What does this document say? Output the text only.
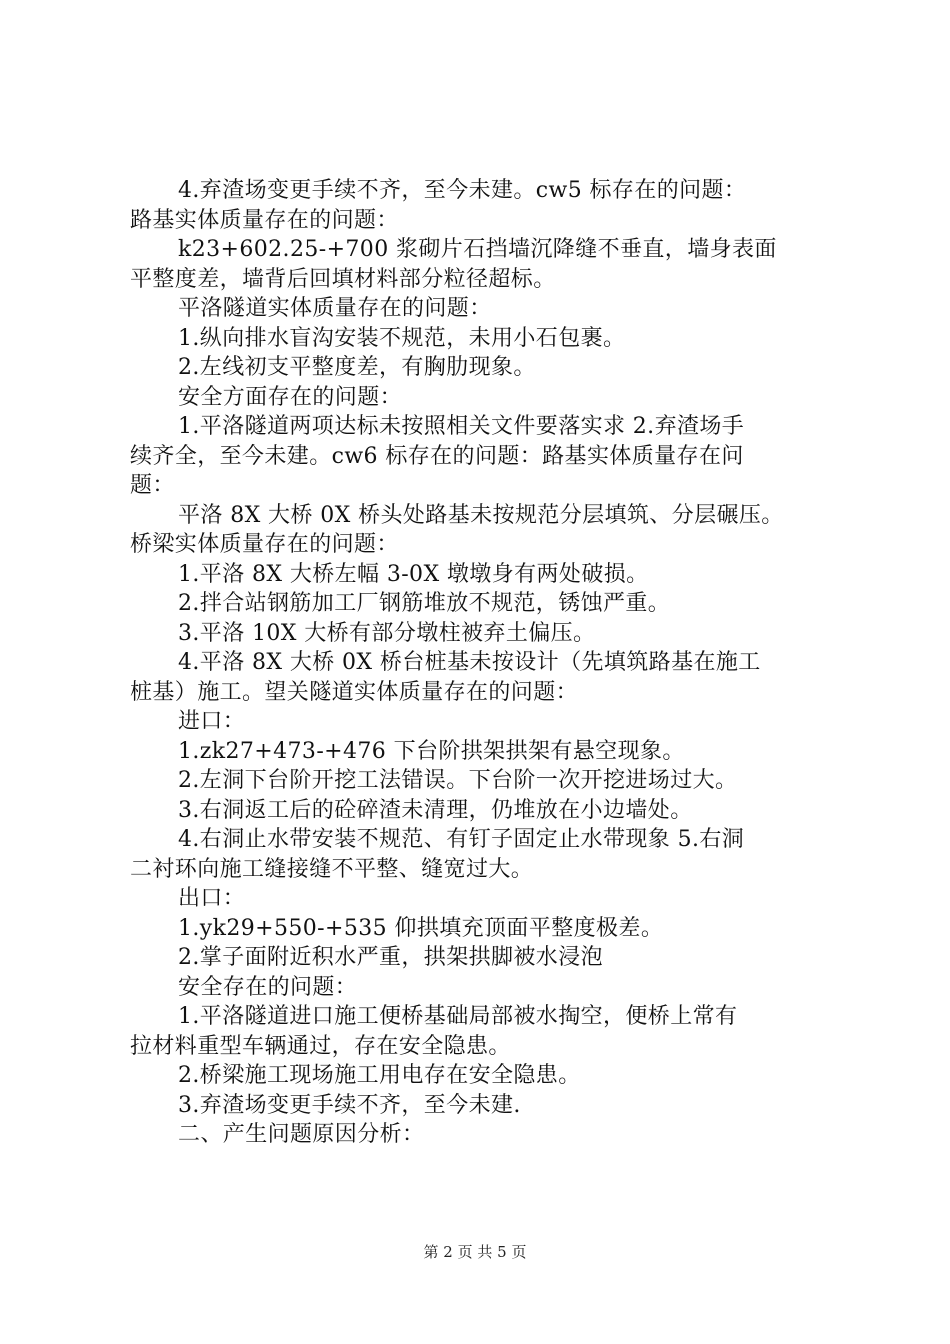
4.弃渣场变更手续不齐，至今未建。cw5 标存在的问题：
路基实体质量存在的问题：
k23+602.25-+700 浆砌片石挡墙沉降缝不垂直，墙身表面
平整度差，墙背后回填材料部分粒径超标。
平洛隧道实体质量存在的问题：
1.纵向排水盲沟安装不规范，未用小石包裹。
2.左线初支平整度差，有胸肋现象。
安全方面存在的问题：
1.平洛隧道两项达标未按照相关文件要落实求 2.弃渣场手
续齐全，至今未建。cw6 标存在的问题：路基实体质量存在问
题：
平洛 8X 大桥 0X 桥头处路基未按规范分层填筑、分层碾压。
桥梁实体质量存在的问题：
1.平洛 8X 大桥左幅 3-0X 墩墩身有两处破损。
2.拌合站钢筋加工厂钢筋堆放不规范，锈蚀严重。
3.平洛 10X 大桥有部分墩柱被弃土偏压。
4.平洛 8X 大桥 0X 桥台桩基未按设计（先填筑路基在施工
桩基）施工。望关隧道实体质量存在的问题：
进口：
1.zk27+473-+476 下台阶拱架拱架有悬空现象。
2.左洞下台阶开挖工法错误。下台阶一次开挖进场过大。
3.右洞返工后的砼碎渣未清理，仍堆放在小边墙处。
4.右洞止水带安装不规范、有钉子固定止水带现象 5.右洞
二衬环向施工缝接缝不平整、缝宽过大。
出口：
1.yk29+550-+535 仰拱填充顶面平整度极差。
2.掌子面附近积水严重，拱架拱脚被水浸泡
安全存在的问题：
1.平洛隧道进口施工便桥基础局部被水掏空，便桥上常有
拉材料重型车辆通过，存在安全隐患。
2.桥梁施工现场施工用电存在安全隐患。
3.弃渣场变更手续不齐，至今未建.
二、产生问题原因分析：
第 2 页 共 5 页
